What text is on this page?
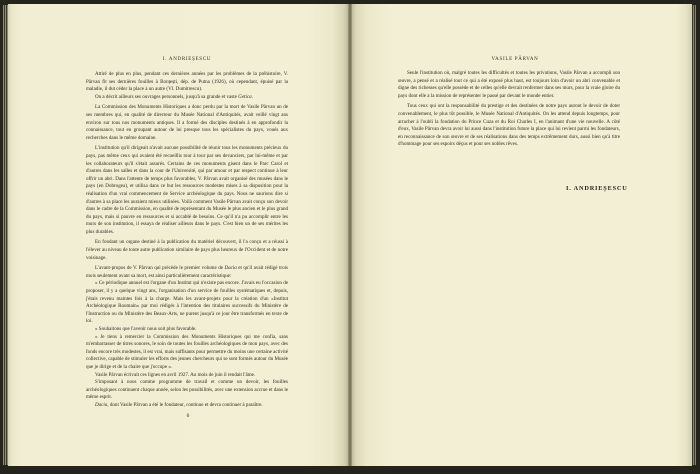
I. ANDRIEȘESCU

Attiré de plus en plus, pendant ces dernières années par les problèmes de la préhistoire, V. Pârvan fit ses dernières fouilles à Bonțești, dép. de Putna (1926), où cependant, épuisé par la maladie, il dut céder la place à un autre (Vl. Dumitrescu).

On a décrit ailleurs ses ouvrages personnels, jusqu'à sa grande et vaste Getica.

La Commission des Monuments Historiques a donc perdu par la mort de Vasile Pârvan un de ses membres qui, en qualité de directeur du Musée National d'Antiquités, avait veillé vingt ans environ sur tous nos monuments antiques. Il a formé des disciples destinés à en approfondir la connaissance, tout en groupant autour de lui presque tous les spécialistes du pays, voués aux recherches dans le même domaine.

L'institution qu'il dirigeait n'avait aucune possibilité de réunir tous les monuments précieux du pays, pas même ceux qui avaient été recueillis tour à tour par ses devanciers, par lui-même et par les collaborateurs qu'il s'était assurés. Certains de ces monuments gisent dans le Parc Carol et d'autres dans les salles et dans la cour de l'Université, qui par amour et par respect continue à leur offrir un abri. Dans l'attente de temps plus favorables, V. Pârvan avait organisé des musées dans le pays (en Dobrogea), et utilisa dans ce but les ressources modestes mises à sa disposition pour la réalisation d'un vrai commencement de Service archéologique du pays. Nous ne saurions dire si d'autres à sa place les auraient mieux utilisées. Voilà comment Vasile Pârvan avait conçu son devoir dans le cadre de la Commission, en qualité de représentant du Musée le plus ancien et le plus grand du pays, mais si pauvre en ressources et si accablé de besoins. Ce qu'il n'a pu accomplir entre les murs de son institution, il essaya de réaliser ailleurs dans le pays. C'est bien un de ses mérites les plus durables.

En fondant un organe destiné à la publication du matériel découvert, il l'a conçu et a réussi à l'élever au niveau de toute autre publication similaire de pays plus heureux de l'Occident et de notre voisinage.

L'avant-propos de V. Pârvan qui précède le premier volume de Dacia et qu'il avait rédigé trois mois seulement avant sa mort, est ainsi particulièrement caractéristique:

« Ce périodique annuel est l'organe d'un Institut qui n'existe pas encore. J'avais eu l'occasion de proposer, il y a quelque vingt ans, l'organisation d'un service de fouilles systématiques et, depuis, j'étais revenu maintes fois à la charge. Mais les avant-projets pour la création d'un «Institut Archéologique Roumain» par moi rédigés à l'intention des titulaires successifs du Ministère de l'Instruction ou du Ministère des Beaux-Arts, ne purent jusqu'à ce jour être transformés en texte de loi.

« Souhaitons que l'avenir nous soit plus favorable.

« Je tiens à remercier la Commission des Monuments Historiques qui me confia, sans m'embarrasser de titres sonores, le soin de toutes les fouilles archéologiques de mon pays, avec des fonds encore très modestes, il est vrai, mais suffisants pour permettre du moins une certaine activité collective, capable de stimuler les efforts des jeunes chercheurs qui se sont formés autour du Musée que je dirige et de la chaire que j'occupe ».

Vasile Pârvan écrivait ces lignes en avril 1927. Au mois de juin il rendait l'âme.

S'imposant à nous comme programme de travail et comme un devoir, les fouilles archéologiques continuent chaque année, selon les possibilités, avec une extension accrue et dans le même esprit.

Dacia, dont Vasile Pârvan a été le fondateur, continue et devra continuer à paraître.

6
VASILE PÂRVAN

Seule l'institution où, malgré toutes les difficultés et toutes les privations, Vasile Pârvan a accompli son œuvre, a pensé et a réalisé tout ce qui a été exposé plus haut, est toujours loin d'avoir un abri convenable et digne des richesses qu'elle possède et de celles qu'elle devrait renfermer dans ses murs, pour la vraie gloire du pays dont elle a la mission de représenter le passé par devant le monde entier.

Tous ceux qui ont la responsabilité du prestige et des destinées de notre pays auront le devoir de doter convenablement, le plus tôt possible, le Musée National d'Antiquités. On les attend depuis longtemps, pour arracher à l'oubli la fondation du Prince Cuza et du Roi Charles I, en l'animant d'une vie nouvelle. A côté d'eux, Vasile Pârvan devra avoir lui aussi dans l'institution future la place qui lui revient parmi les fondateurs, en reconnaissance de son œuvre et de ses réalisations dans des temps extrêmement durs, aussi bien qu'à titre d'hommage pour ses espoirs déçus et pour ses nobles rêves.

I. ANDRIEȘESCU
